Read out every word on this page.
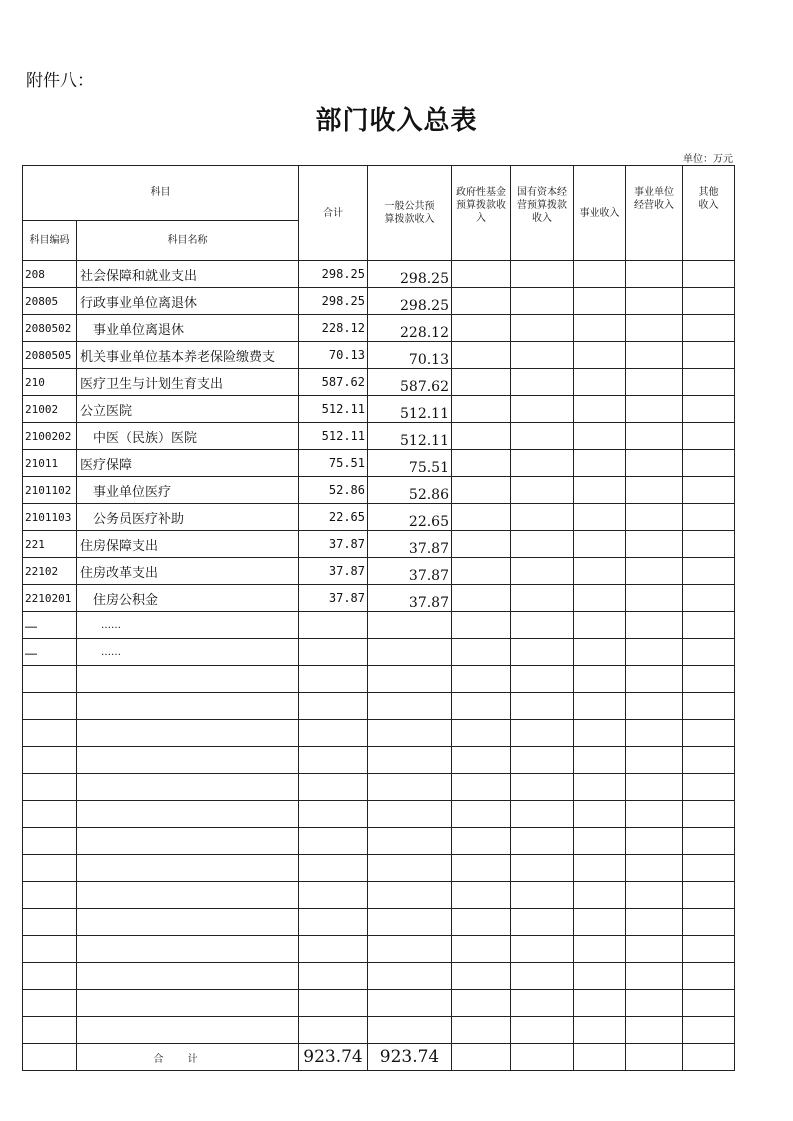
附件八：
部门收入总表
单位：万元
科目		合计	一般公共预算拨款收入	政府性基金预算拨款收入	国有资本经营预算拨款收入	事业收入	事业单位经营收入	其他收入
科目编码	科目名称							
208	社会保障和就业支出	298.25	298.25					
20805	行政事业单位离退休	298.25	298.25					
2080502	事业单位离退休	228.12	228.12					
2080505	机关事业单位基本养老保险缴费支	70.13	70.13					
210	医疗卫生与计划生育支出	587.62	587.62					
21002	公立医院	512.11	512.11					
2100202	中医（民族）医院	512.11	512.11					
21011	医疗保障	75.51	75.51					
2101102	事业单位医疗	52.86	52.86					
2101103	公务员医疗补助	22.65	22.65					
221	住房保障支出	37.87	37.87					
22102	住房改革支出	37.87	37.87					
2210201	住房公积金	37.87	37.87					
……	……							
……	……							

	合计	923.74	923.74					
